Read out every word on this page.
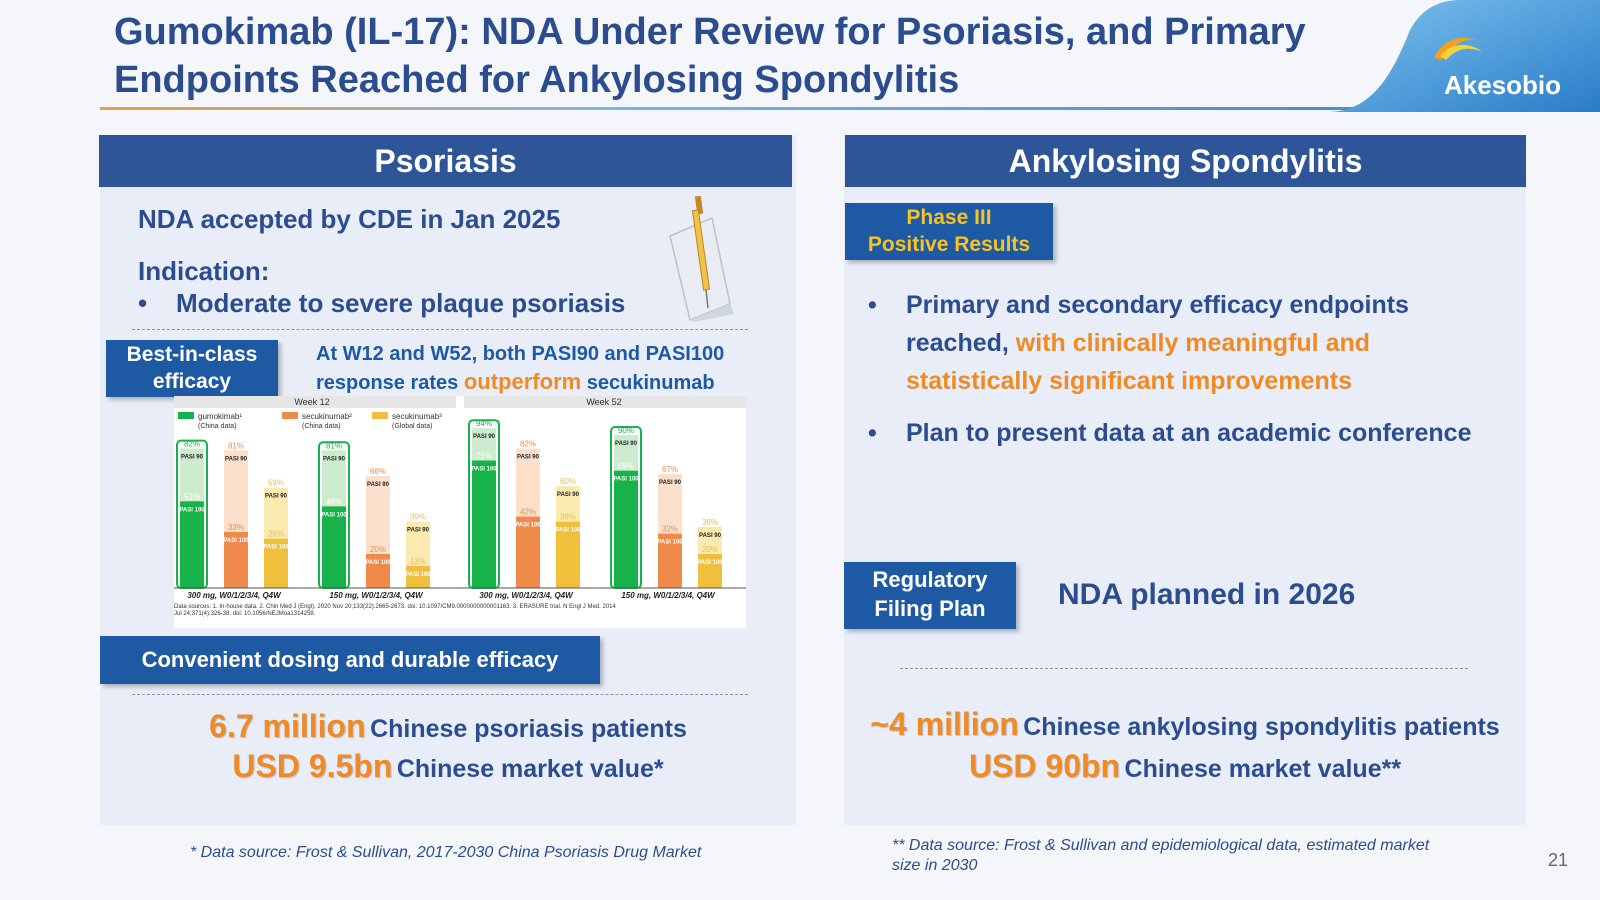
Gumokimab (IL-17): NDA Under Review for Psoriasis, and Primary
Endpoints Reached for Ankylosing Spondylitis	Akesobio
Psoriasis
NDA accepted by CDE in Jan 2025
Indication:
• Moderate to severe plaque psoriasis
Best-in-class
efficacy
At W12 and W52, both PASI90 and PASI100
response rates outperform secukinumab
Week 12	Week 52
gumokimab¹
(China data)
secukinumab²
(China data)
secukinumab³
(Global data)
82%
51%
PASI 90
PASI 100
81%
33%
PASI 90
PASI 100
59%
29%
PASI 90
PASI 100
81%
48%
PASI 90
PASI 100
66%
20%
PASI 90
PASI 100
39%
13%
PASI 90
PASI 100
94%
75%
PASI 90
PASI 100
82%
42%
PASI 90
PASI 100
60%
39%
PASI 90
PASI 100
90%
69%
PASI 90
PASI 100
67%
32%
PASI 90
PASI 100
36%
20%
PASI 90
PASI 100
300 mg, W0/1/2/3/4, Q4W	150 mg, W0/1/2/3/4, Q4W	300 mg, W0/1/2/3/4, Q4W	150 mg, W0/1/2/3/4, Q4W
Data sources: 1. In-house data. 2. Chin Med J (Engl). 2020 Nov 20;133(22):2665-2673. doi: 10.1097/CM9.0000000000001163. 3. ERASURE trial. N Engl J Med. 2014
Jul 24;371(4):326-38. doi: 10.1056/NEJMoa1314258.
Convenient dosing and durable efficacy
6.7 million Chinese psoriasis patients
USD 9.5bn Chinese market value*
* Data source: Frost & Sullivan, 2017-2030 China Psoriasis Drug Market
Ankylosing Spondylitis
Phase III
Positive Results
• Primary and secondary efficacy endpoints
reached, with clinically meaningful and
statistically significant improvements
• Plan to present data at an academic conference
Regulatory
Filing Plan	NDA planned in 2026
~4 million Chinese ankylosing spondylitis patients
USD 90bn Chinese market value**
** Data source: Frost & Sullivan and epidemiological data, estimated market
size in 2030	21
